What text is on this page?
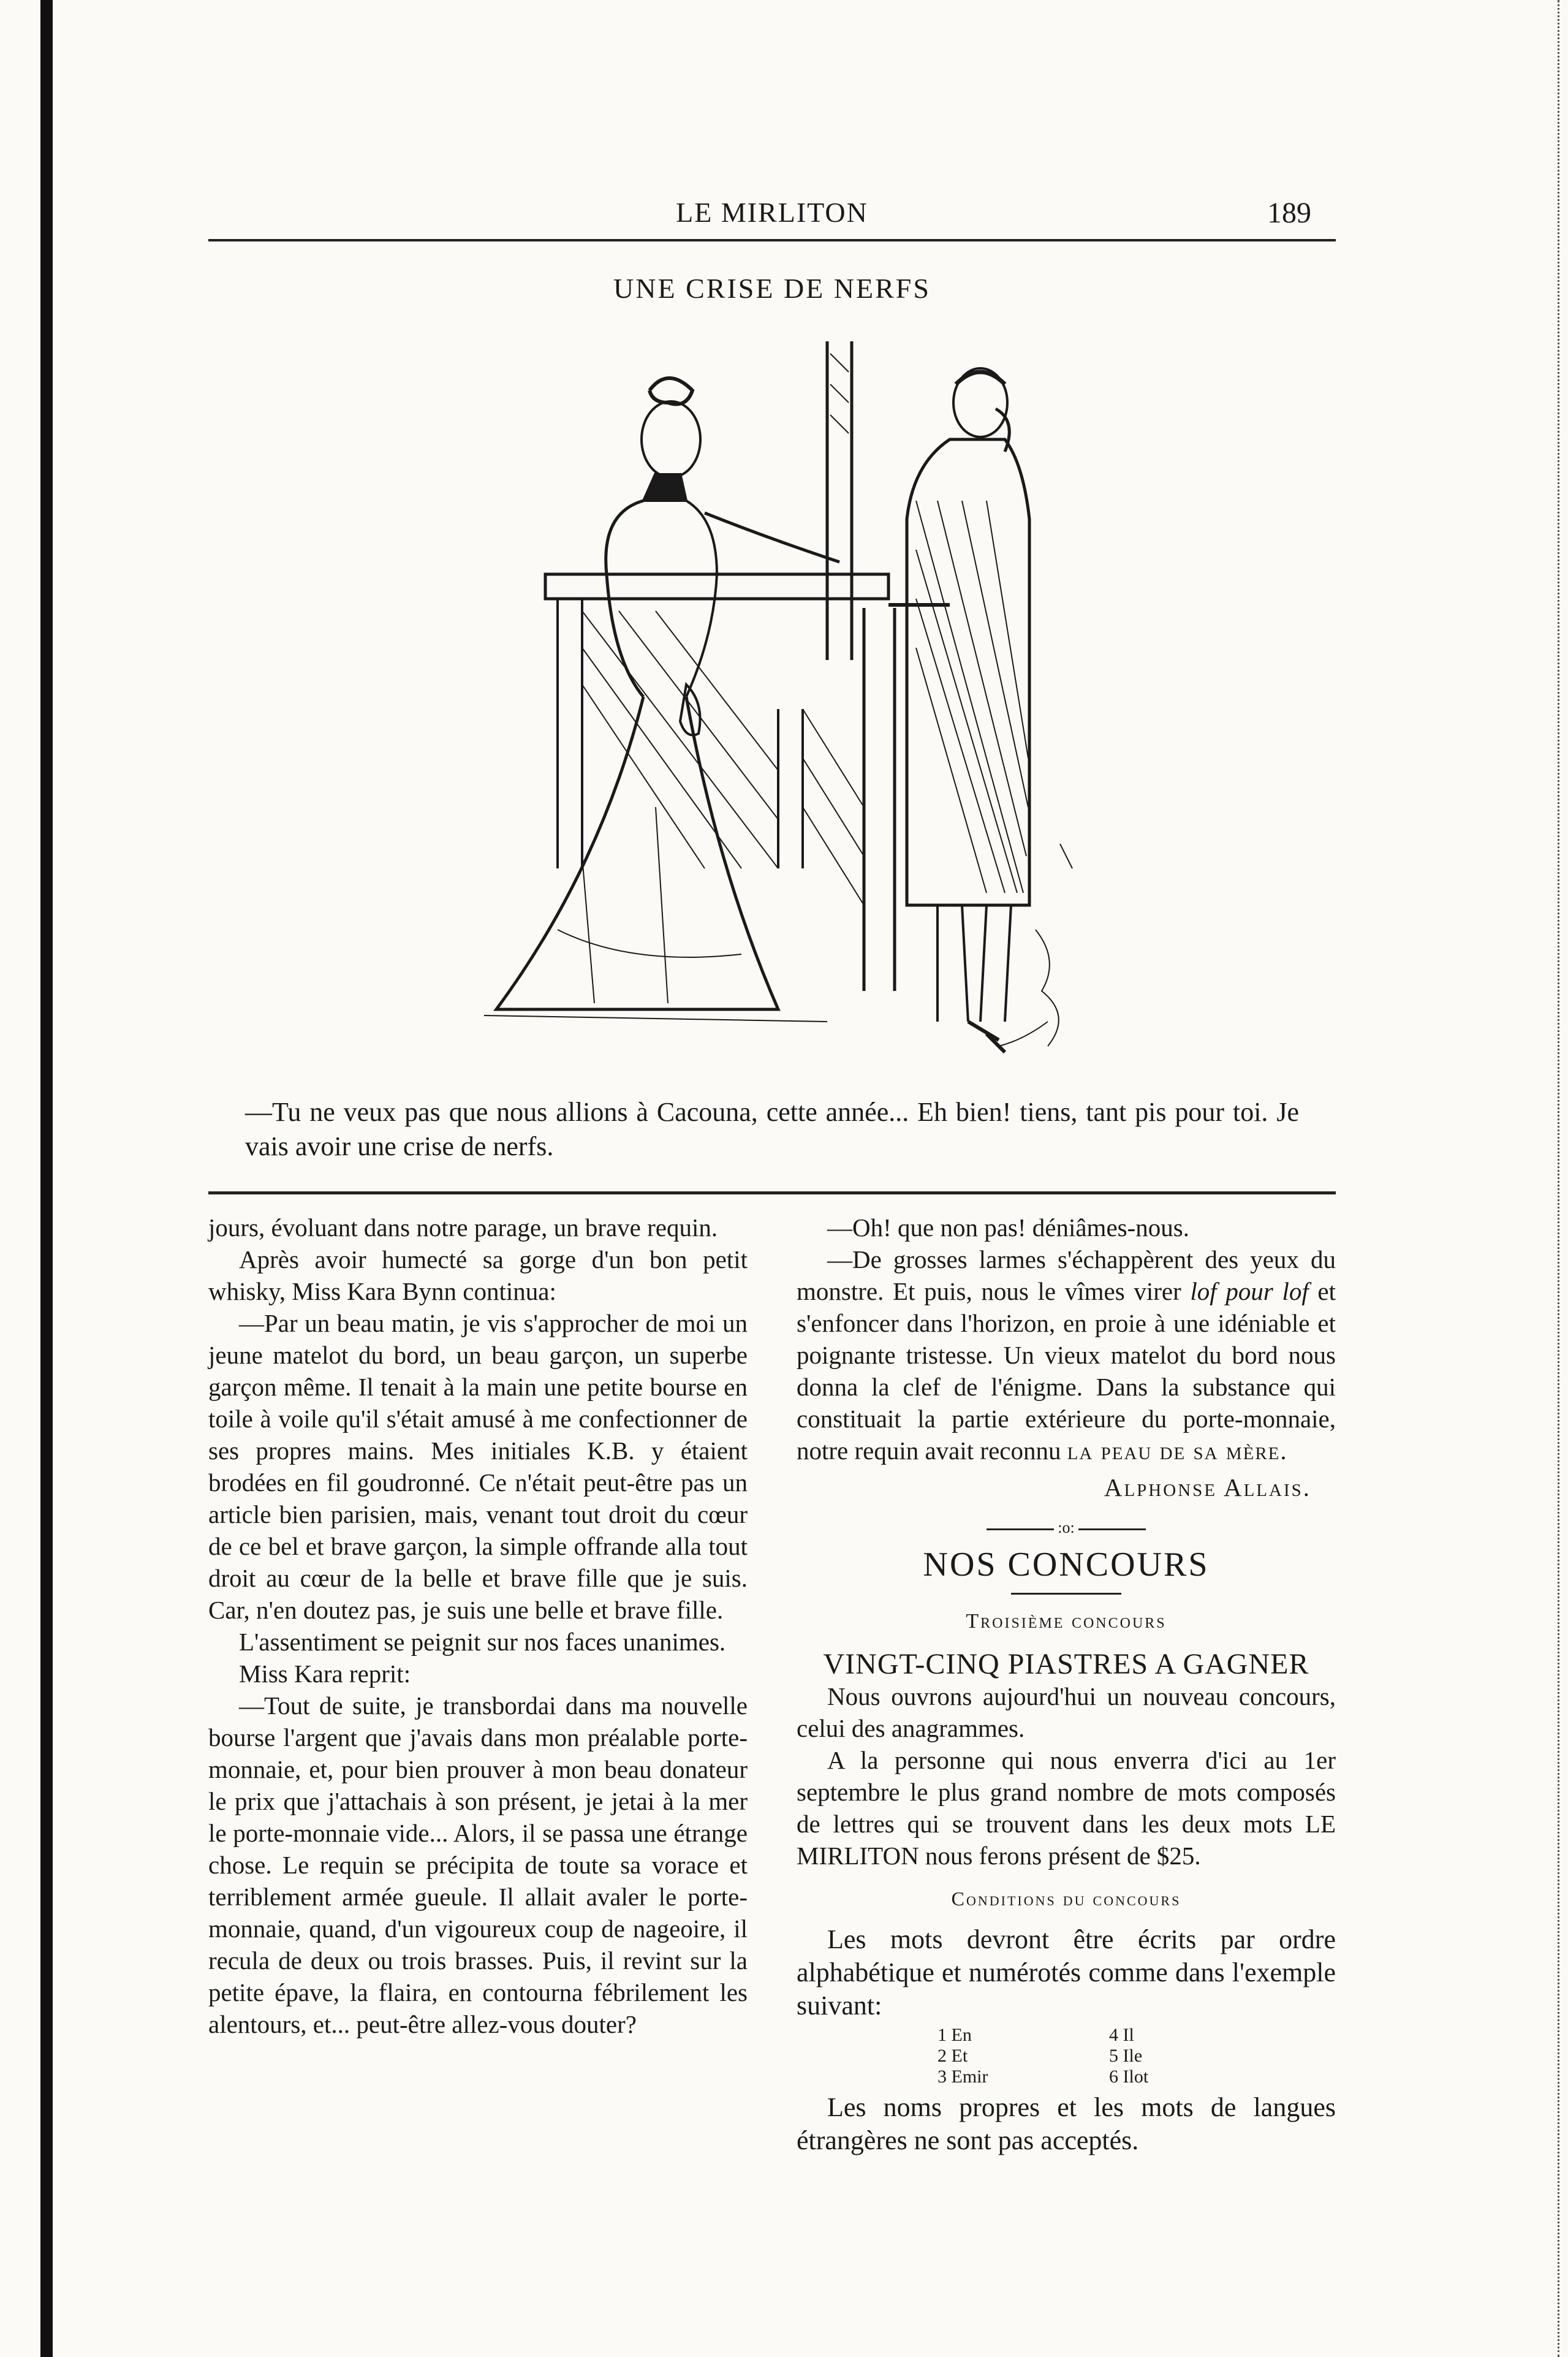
LE MIRLITON	189
UNE CRISE DE NERFS
—Tu ne veux pas que nous allions à Cacouna, cette année... Eh bien! tiens, tant pis pour toi. Je vais avoir une crise de nerfs.

jours, évoluant dans notre parage, un brave requin.

Après avoir humecté sa gorge d'un bon petit whisky, Miss Kara Bynn continua:

—Par un beau matin, je vis s'approcher de moi un jeune matelot du bord, un beau garçon, un superbe garçon même. Il tenait à la main une petite bourse en toile à voile qu'il s'était amusé à me confectionner de ses propres mains. Mes initiales K.B. y étaient brodées en fil goudronné. Ce n'était peut-être pas un article bien parisien, mais, venant tout droit du cœur de ce bel et brave garçon, la simple offrande alla tout droit au cœur de la belle et brave fille que je suis. Car, n'en doutez pas, je suis une belle et brave fille.

L'assentiment se peignit sur nos faces unanimes.

Miss Kara reprit:

—Tout de suite, je transbordai dans ma nouvelle bourse l'argent que j'avais dans mon préalable porte-monnaie, et, pour bien prouver à mon beau donateur le prix que j'attachais à son présent, je jetai à la mer le porte-monnaie vide... Alors, il se passa une étrange chose. Le requin se précipita de toute sa vorace et terriblement armée gueule. Il allait avaler le porte-monnaie, quand, d'un vigoureux coup de nageoire, il recula de deux ou trois brasses. Puis, il revint sur la petite épave, la flaira, en contourna fébrilement les alentours, et... peut-être allez-vous douter?

—Oh! que non pas! déniâmes-nous.

—De grosses larmes s'échappèrent des yeux du monstre. Et puis, nous le vîmes virer lof pour lof et s'enfoncer dans l'horizon, en proie à une idéniable et poignante tristesse. Un vieux matelot du bord nous donna la clef de l'énigme. Dans la substance qui constituait la partie extérieure du porte-monnaie, notre requin avait reconnu la peau de sa mère.

Alphonse Allais.
:o:
NOS CONCOURS
Troisième concours
VINGT-CINQ PIASTRES A GAGNER

Nous ouvrons aujourd'hui un nouveau concours, celui des anagrammes.

A la personne qui nous enverra d'ici au 1er septembre le plus grand nombre de mots composés de lettres qui se trouvent dans les deux mots LE MIRLITON nous ferons présent de $25.

Conditions du concours

Les mots devront être écrits par ordre alphabétique et numérotés comme dans l'exemple suivant:

1 En	4 Il
2 Et	5 Ile
3 Emir	6 Ilot

Les noms propres et les mots de langues étrangères ne sont pas acceptés.
